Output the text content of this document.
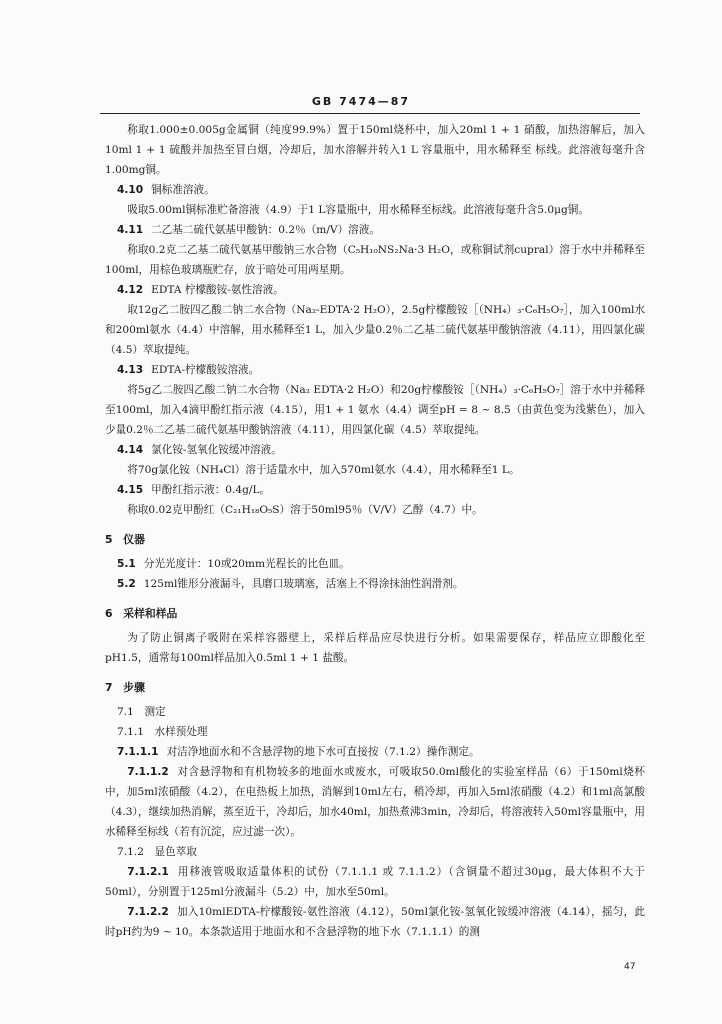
GB 7474—87

称取1.000±0.005g金属铜（纯度99.9%）置于150ml烧杯中，加入20ml 1 + 1 硝酸，加热溶解后，加入10ml 1 + 1 硫酸并加热至冒白烟，冷却后，加水溶解并转入1 L 容量瓶中，用水稀释至 标线。此溶液每毫升含1.00mg铜。

4.10 铜标准溶液。

吸取5.00ml铜标准贮备溶液（4.9）于1 L容量瓶中，用水稀释至标线。此溶液每毫升含5.0μg铜。

4.11 二乙基二硫代氨基甲酸钠：0.2％（m/V）溶液。

称取0.2克二乙基二硫代氨基甲酸钠三水合物（C₅H₁₀NS₂Na·3 H₂O，或称铜试剂cupral）溶于水中并稀释至100ml，用棕色玻璃瓶贮存，放于暗处可用两星期。

4.12 EDTA 柠檬酸铵-氨性溶液。

取12g乙二胺四乙酸二钠二水合物（Na₂-EDTA·2 H₂O），2.5g柠檬酸铵［（NH₄）₃·C₆H₅O₇］，加入100ml水和200ml氨水（4.4）中溶解，用水稀释至1 L，加入少量0.2％二乙基二硫代氨基甲酸钠溶液（4.11），用四氯化碳（4.5）萃取提纯。

4.13 EDTA-柠檬酸铵溶液。

将5g乙二胺四乙酸二钠二水合物（Na₂ EDTA·2 H₂O）和20g柠檬酸铵［（NH₄）₃·C₆H₅O₇］溶于水中并稀释至100ml，加入4滴甲酚红指示液（4.15），用1 + 1 氨水（4.4）调至pH = 8 ~ 8.5（由黄色变为浅紫色），加入少量0.2％二乙基二硫代氨基甲酸钠溶液（4.11），用四氯化碳（4.5）萃取提纯。

4.14 氯化铵-氢氧化铵缓冲溶液。

将70g氯化铵（NH₄Cl）溶于适量水中，加入570ml氨水（4.4），用水稀释至1 L。

4.15 甲酚红指示液：0.4g/L。

称取0.02克甲酚红（C₂₁H₁₈O₅S）溶于50ml95％（V/V）乙醇（4.7）中。

5　仪器

5.1 分光光度计：10或20mm光程长的比色皿。

5.2 125ml锥形分液漏斗，具磨口玻璃塞，活塞上不得涂抹油性润滑剂。

6　采样和样品

为了防止铜离子吸附在采样容器壁上，采样后样品应尽快进行分析。如果需要保存，样品应立即酸化至pH1.5，通常每100ml样品加入0.5ml 1 + 1 盐酸。

7　步骤

7.1　测定

7.1.1　水样预处理

7.1.1.1 对洁净地面水和不含悬浮物的地下水可直接按（7.1.2）操作测定。

7.1.1.2 对含悬浮物和有机物较多的地面水或废水，可吸取50.0ml酸化的实验室样品（6）于150ml烧杯中，加5ml浓硝酸（4.2），在电热板上加热，消解到10ml左右，稍冷却，再加入5ml浓硝酸（4.2）和1ml高氯酸（4.3），继续加热消解，蒸至近干，冷却后，加水40ml，加热煮沸3min，冷却后，将溶液转入50ml容量瓶中，用水稀释至标线（若有沉淀，应过滤一次）。

7.1.2　显色萃取

7.1.2.1 用移液管吸取适量体积的试份（7.1.1.1 或 7.1.1.2）（含铜量不超过30μg，最大体积不大于50ml），分别置于125ml分液漏斗（5.2）中，加水至50ml。

7.1.2.2 加入10mlEDTA-柠檬酸铵-氨性溶液（4.12），50ml氯化铵-氢氧化铵缓冲溶液（4.14），摇匀，此时pH约为9 ~ 10。本条款适用于地面水和不含悬浮物的地下水（7.1.1.1）的测

47
